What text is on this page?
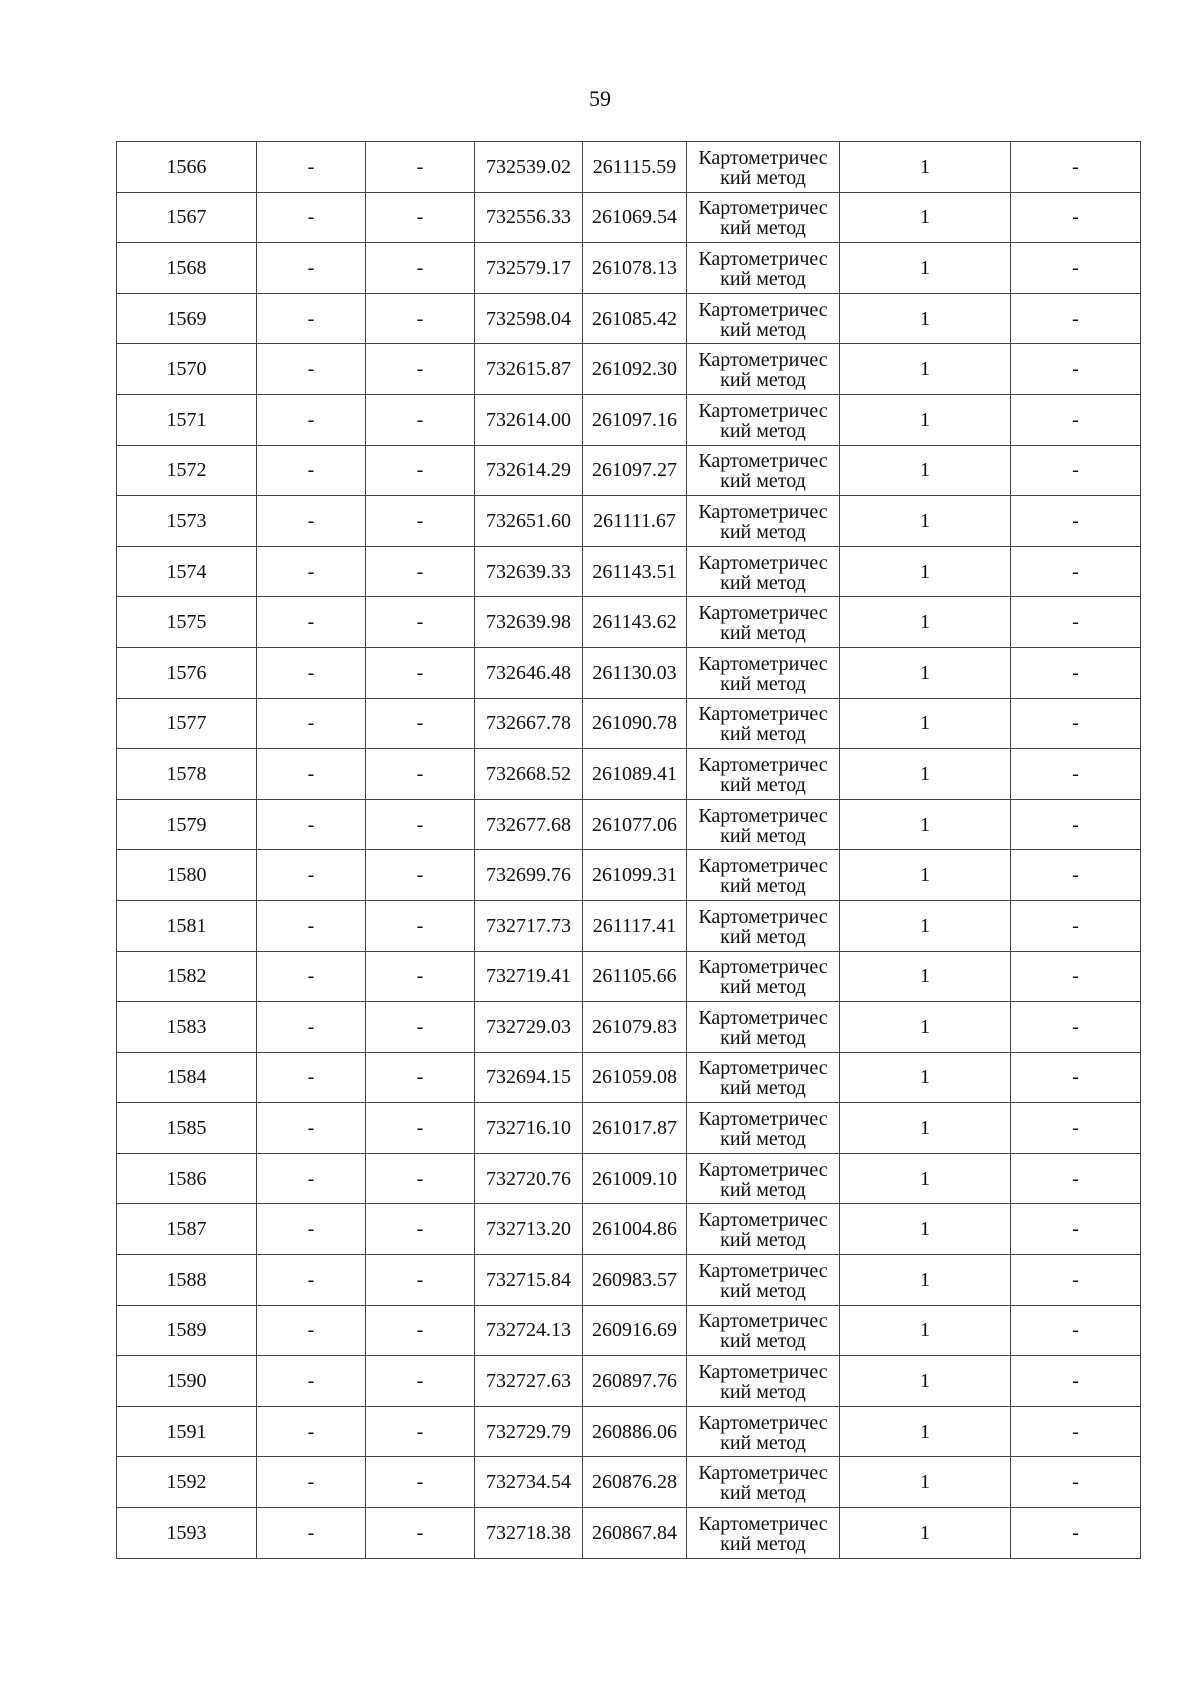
59
1566	-	-	732539.02	261115.59	Картометричес
кий метод	1	-
1567	-	-	732556.33	261069.54	Картометричес
кий метод	1	-
1568	-	-	732579.17	261078.13	Картометричес
кий метод	1	-
1569	-	-	732598.04	261085.42	Картометричес
кий метод	1	-
1570	-	-	732615.87	261092.30	Картометричес
кий метод	1	-
1571	-	-	732614.00	261097.16	Картометричес
кий метод	1	-
1572	-	-	732614.29	261097.27	Картометричес
кий метод	1	-
1573	-	-	732651.60	261111.67	Картометричес
кий метод	1	-
1574	-	-	732639.33	261143.51	Картометричес
кий метод	1	-
1575	-	-	732639.98	261143.62	Картометричес
кий метод	1	-
1576	-	-	732646.48	261130.03	Картометричес
кий метод	1	-
1577	-	-	732667.78	261090.78	Картометричес
кий метод	1	-
1578	-	-	732668.52	261089.41	Картометричес
кий метод	1	-
1579	-	-	732677.68	261077.06	Картометричес
кий метод	1	-
1580	-	-	732699.76	261099.31	Картометричес
кий метод	1	-
1581	-	-	732717.73	261117.41	Картометричес
кий метод	1	-
1582	-	-	732719.41	261105.66	Картометричес
кий метод	1	-
1583	-	-	732729.03	261079.83	Картометричес
кий метод	1	-
1584	-	-	732694.15	261059.08	Картометричес
кий метод	1	-
1585	-	-	732716.10	261017.87	Картометричес
кий метод	1	-
1586	-	-	732720.76	261009.10	Картометричес
кий метод	1	-
1587	-	-	732713.20	261004.86	Картометричес
кий метод	1	-
1588	-	-	732715.84	260983.57	Картометричес
кий метод	1	-
1589	-	-	732724.13	260916.69	Картометричес
кий метод	1	-
1590	-	-	732727.63	260897.76	Картометричес
кий метод	1	-
1591	-	-	732729.79	260886.06	Картометричес
кий метод	1	-
1592	-	-	732734.54	260876.28	Картометричес
кий метод	1	-
1593	-	-	732718.38	260867.84	Картометричес
кий метод	1	-
